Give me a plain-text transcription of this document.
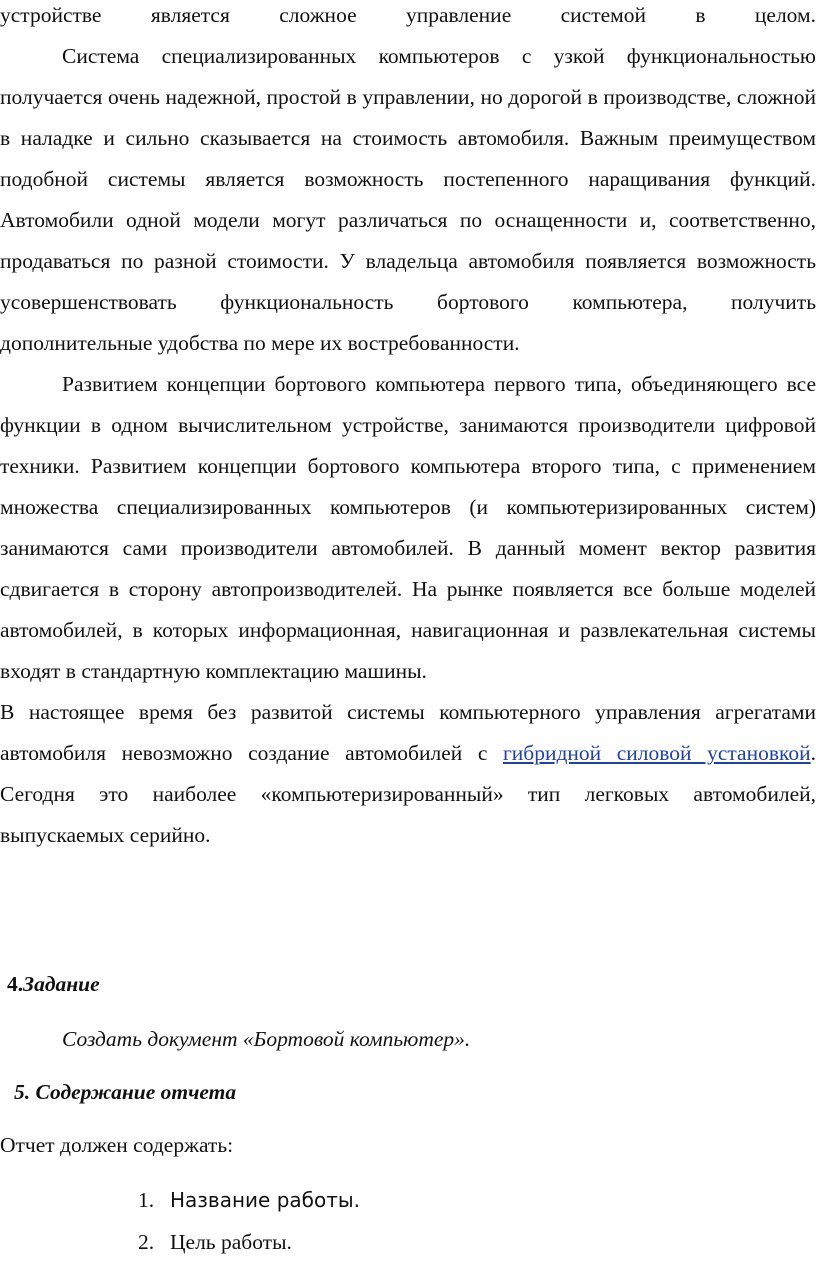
устройстве является сложное управление системой в целом.

Система специализированных компьютеров с узкой функциональностью получается очень надежной, простой в управлении, но дорогой в производстве, сложной в наладке и сильно сказывается на стоимость автомобиля. Важным преимуществом подобной системы является возможность постепенного наращивания функций. Автомобили одной модели могут различаться по оснащенности и, соответственно, продаваться по разной стоимости. У владельца автомобиля появляется возможность усовершенствовать функциональность бортового компьютера, получить дополнительные удобства по мере их востребованности.

Развитием концепции бортового компьютера первого типа, объединяющего все функции в одном вычислительном устройстве, занимаются производители цифровой техники. Развитием концепции бортового компьютера второго типа, с применением множества специализированных компьютеров (и компьютеризированных систем) занимаются сами производители автомобилей. В данный момент вектор развития сдвигается в сторону автопроизводителей. На рынке появляется все больше моделей автомобилей, в которых информационная, навигационная и развлекательная системы входят в стандартную комплектацию машины.

В настоящее время без развитой системы компьютерного управления агрегатами автомобиля невозможно создание автомобилей с гибридной силовой установкой. Сегодня это наиболее «компьютеризированный» тип легковых автомобилей, выпускаемых серийно.

4.Задание

Создать документ «Бортовой компьютер».

5. Содержание отчета

Отчет должен содержать:

1. Название работы.

2. Цель работы.
